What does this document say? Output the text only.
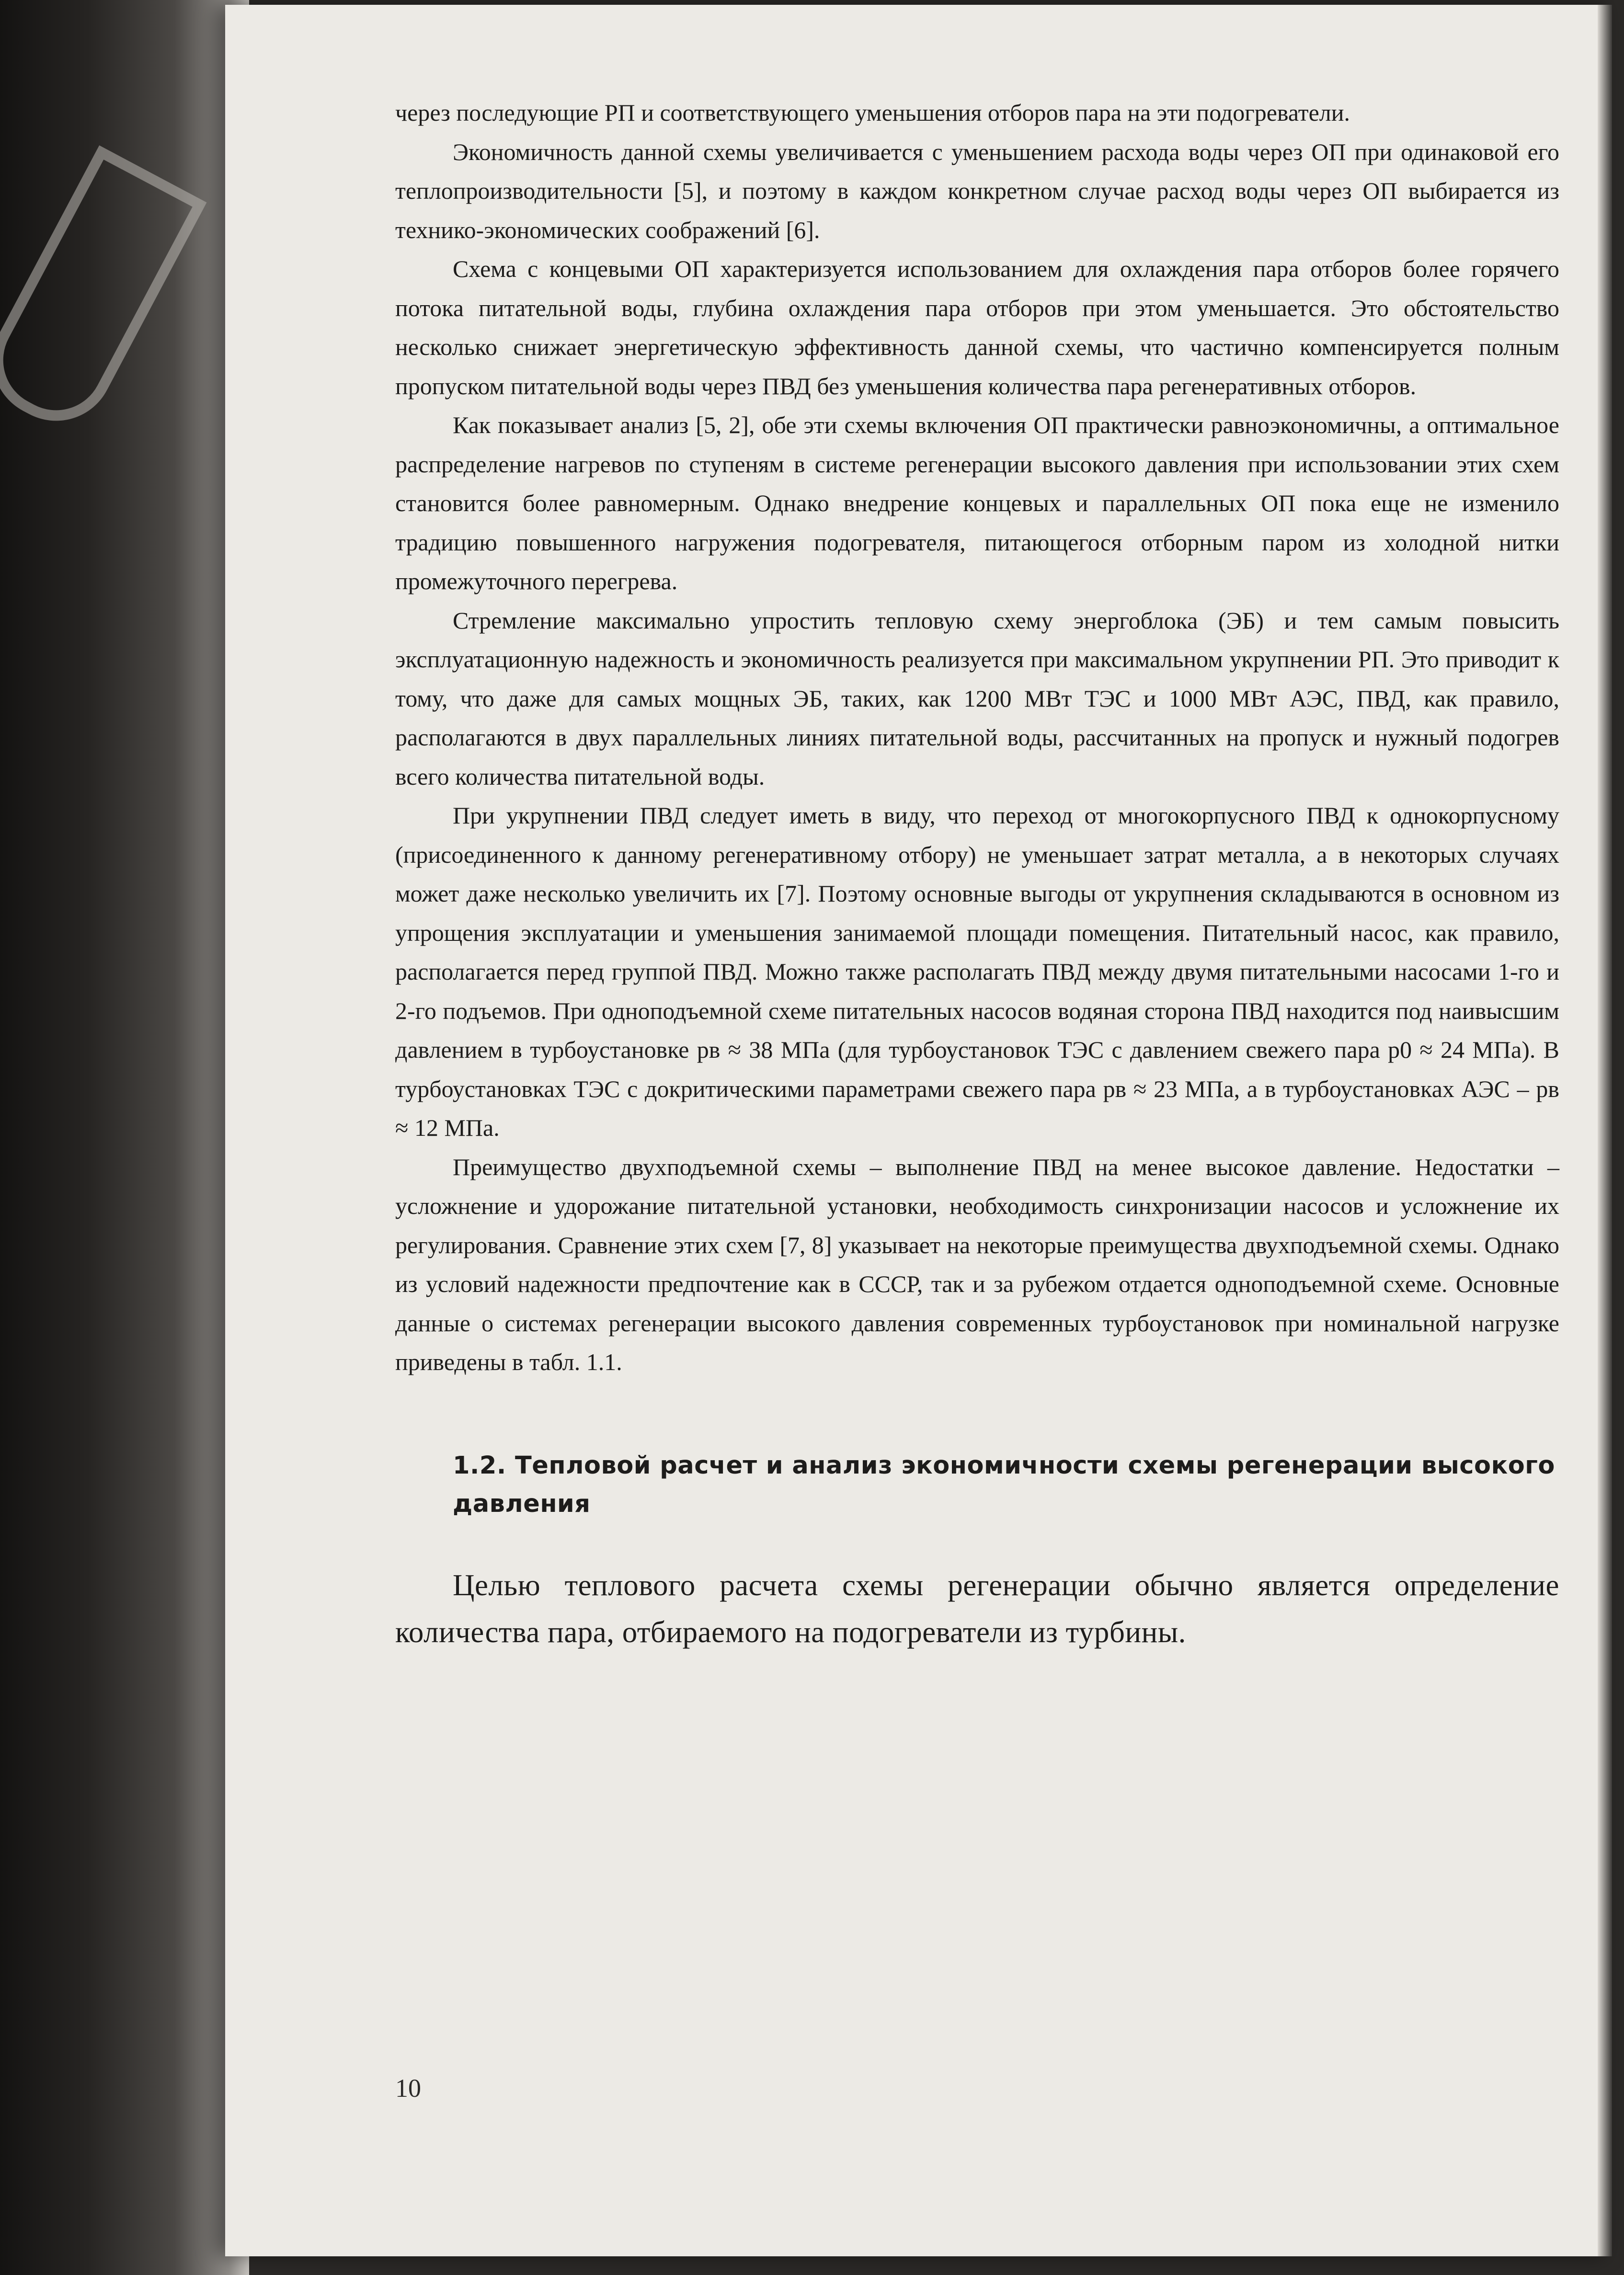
через последующие РП и соответствующего уменьшения отборов пара на эти подогреватели.

Экономичность данной схемы увеличивается с уменьшением расхода воды через ОП при одинаковой его теплопроизводительности [5], и поэтому в каждом конкретном случае расход воды через ОП выбирается из технико-экономических соображений [6].

Схема с концевыми ОП характеризуется использованием для охлаждения пара отборов более горячего потока питательной воды, глубина охлаждения пара отборов при этом уменьшается. Это обстоятельство несколько снижает энергетическую эффективность данной схемы, что частично компенсируется полным пропуском питательной воды через ПВД без уменьшения количества пара регенеративных отборов.

Как показывает анализ [5, 2], обе эти схемы включения ОП практически равноэкономичны, а оптимальное распределение нагревов по ступеням в системе регенерации высокого давления при использовании этих схем становится более равномерным. Однако внедрение концевых и параллельных ОП пока еще не изменило традицию повышенного нагружения подогревателя, питающегося отборным паром из холодной нитки промежуточного перегрева.

Стремление максимально упростить тепловую схему энергоблока (ЭБ) и тем самым повысить эксплуатационную надежность и экономичность реализуется при максимальном укрупнении РП. Это приводит к тому, что даже для самых мощных ЭБ, таких, как 1200 МВт ТЭС и 1000 МВт АЭС, ПВД, как правило, располагаются в двух параллельных линиях питательной воды, рассчитанных на пропуск и нужный подогрев всего количества питательной воды.

При укрупнении ПВД следует иметь в виду, что переход от многокорпусного ПВД к однокорпусному (присоединенного к данному регенеративному отбору) не уменьшает затрат металла, а в некоторых случаях может даже несколько увеличить их [7]. Поэтому основные выгоды от укрупнения складываются в основном из упрощения эксплуатации и уменьшения занимаемой площади помещения. Питательный насос, как правило, располагается перед группой ПВД. Можно также располагать ПВД между двумя питательными насосами 1-го и 2-го подъемов. При одноподъемной схеме питательных насосов водяная сторона ПВД находится под наивысшим давлением в турбоустановке pв ≈ 38 МПа (для турбоустановок ТЭС с давлением свежего пара p0 ≈ 24 МПа). В турбоустановках ТЭС с докритическими параметрами свежего пара pв ≈ 23 МПа, а в турбоустановках АЭС – pв ≈ 12 МПа.

Преимущество двухподъемной схемы – выполнение ПВД на менее высокое давление. Недостатки – усложнение и удорожание питательной установки, необходимость синхронизации насосов и усложнение их регулирования. Сравнение этих схем [7, 8] указывает на некоторые преимущества двухподъемной схемы. Однако из условий надежности предпочтение как в СССР, так и за рубежом отдается одноподъемной схеме. Основные данные о системах регенерации высокого давления современных турбоустановок при номинальной нагрузке приведены в табл. 1.1.

1.2. Тепловой расчет и анализ экономичности схемы регенерации высокого давления

Целью теплового расчета схемы регенерации обычно является определение количества пара, отбираемого на подогреватели из турбины.

10
